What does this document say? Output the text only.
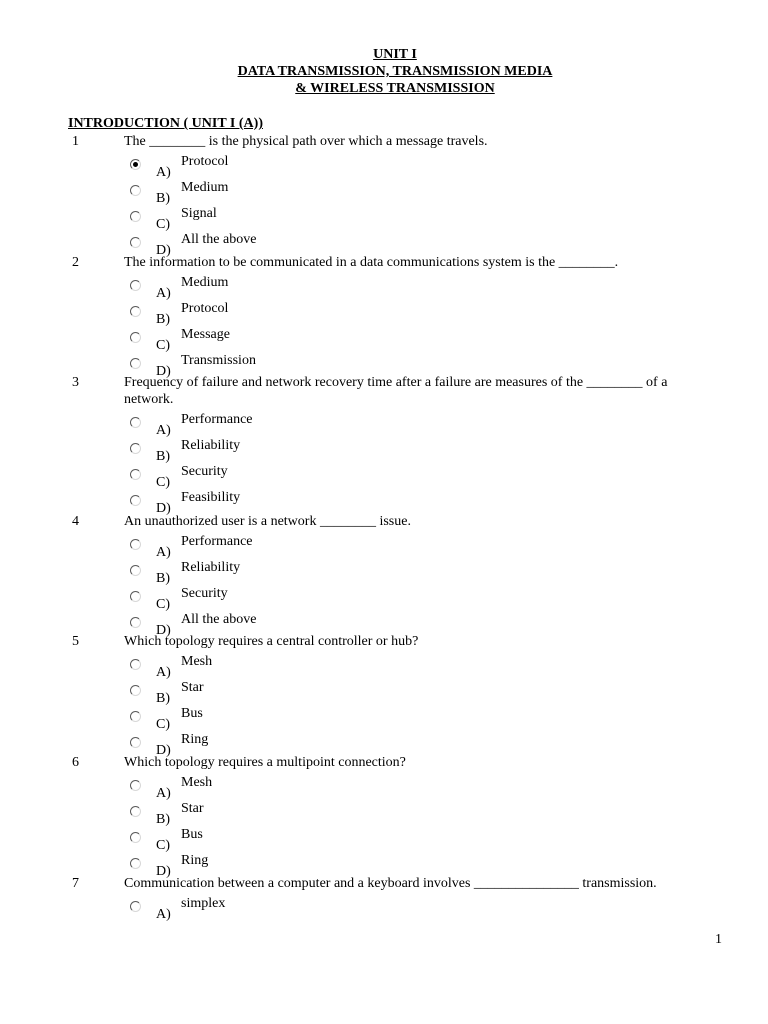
UNIT I
DATA TRANSMISSION, TRANSMISSION MEDIA
& WIRELESS TRANSMISSION
INTRODUCTION ( UNIT I (A))
1	The ________ is the physical path over which a message travels.
A)
Protocol
B)
Medium
C)
Signal
D)
All the above
2	The information to be communicated in a data communications system is the ________.
A)
Medium
B)
Protocol
C)
Message
D)
Transmission
3	Frequency of failure and network recovery time after a failure are measures of the ________ of a network.
A)
Performance
B)
Reliability
C)
Security
D)
Feasibility
4	An unauthorized user is a network ________ issue.
A)
Performance
B)
Reliability
C)
Security
D)
All the above
5	Which topology requires a central controller or hub?
A)
Mesh
B)
Star
C)
Bus
D)
Ring
6	Which topology requires a multipoint connection?
A)
Mesh
B)
Star
C)
Bus
D)
Ring
7	Communication between a computer and a keyboard involves _______________ transmission.
A)
simplex
1
